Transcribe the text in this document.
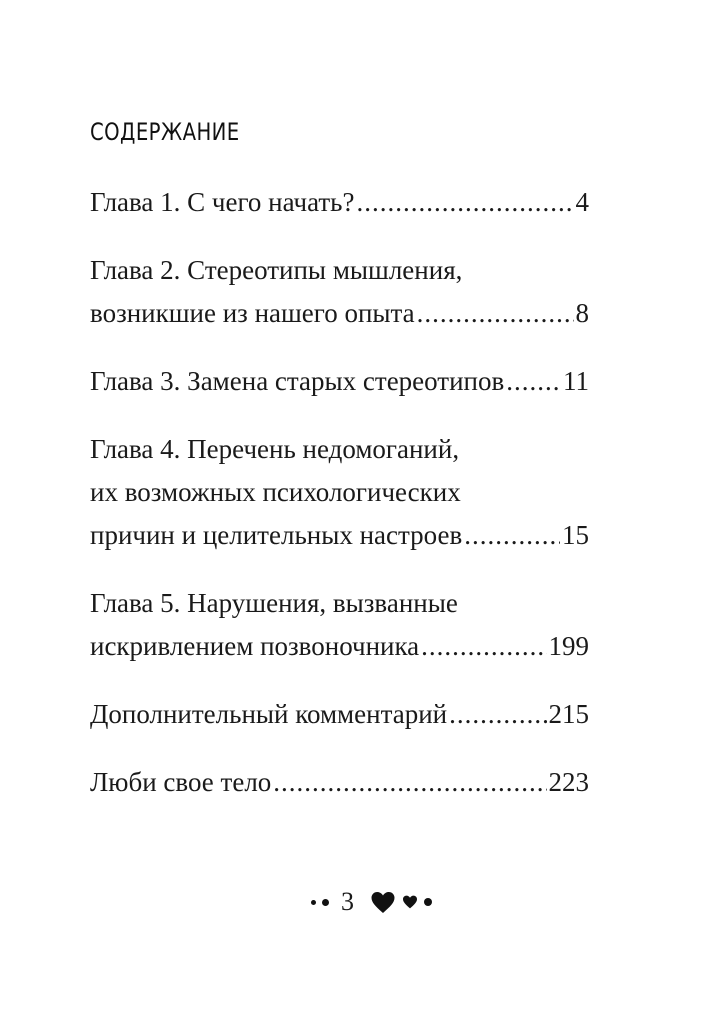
СОДЕРЖАНИЕ
Глава 1. С чего начать? .....	4
Глава 2. Стереотипы мышления,
возникшие из нашего опыта .....	8
Глава 3. Замена старых стереотипов ..... 11
Глава 4. Перечень недомоганий,
их возможных психологических
причин и целительных настроев .....	15
Глава 5. Нарушения, вызванные
искривлением позвоночника .....	199
Дополнительный комментарий .....	215
Люби свое тело .....	223
3
